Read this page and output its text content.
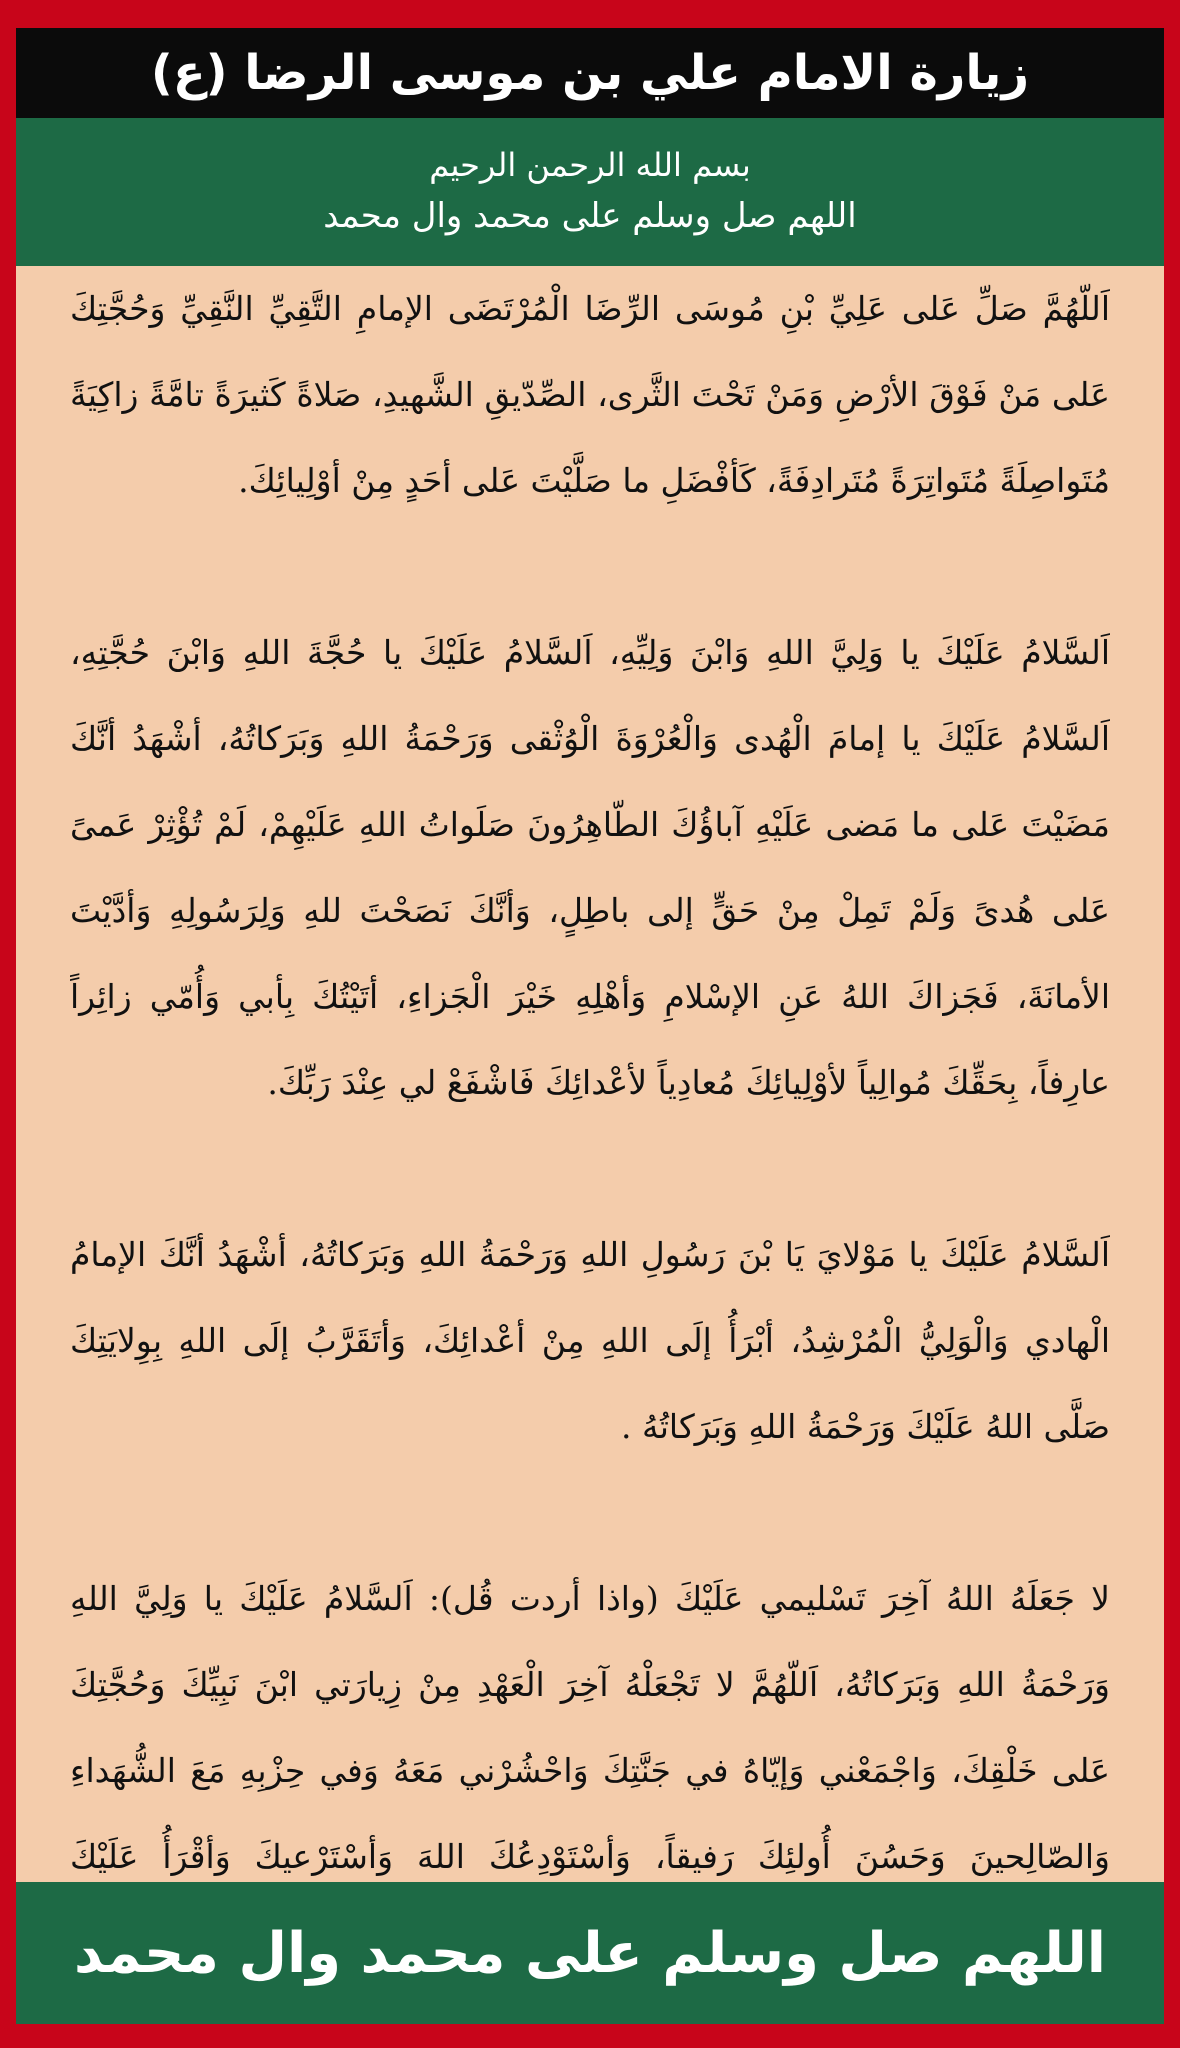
زيارة الامام علي بن موسى الرضا (ع)
بسم الله الرحمن الرحيم
اللهم صل وسلم على محمد وال محمد

اَللّهُمَّ صَلِّ عَلى عَلِيِّ بْنِ مُوسَى الرِّضَا الْمُرْتَضَى الإمامِ التَّقِيِّ النَّقِيِّ وَحُجَّتِكَ عَلى مَنْ فَوْقَ الأرْضِ وَمَنْ تَحْتَ الثَّرى، الصِّدّيقِ الشَّهيدِ، صَلاةً كَثيرَةً تامَّةً زاكِيَةً مُتَواصِلَةً مُتَواتِرَةً مُتَرادِفَةً، كَأفْضَلِ ما صَلَّيْتَ عَلى أحَدٍ مِنْ أوْلِيائِكَ.

اَلسَّلامُ عَلَيْكَ يا وَلِيَّ اللهِ وَابْنَ وَلِيِّهِ، اَلسَّلامُ عَلَيْكَ يا حُجَّةَ اللهِ وَابْنَ حُجَّتِهِ، اَلسَّلامُ عَلَيْكَ يا إمامَ الْهُدى وَالْعُرْوَةَ الْوُثْقى وَرَحْمَةُ اللهِ وَبَرَكاتُهُ، أشْهَدُ أنَّكَ مَضَيْتَ عَلى ما مَضى عَلَيْهِ آباؤُكَ الطّاهِرُونَ صَلَواتُ اللهِ عَلَيْهِمْ، لَمْ تُؤْثِرْ عَمىً عَلى هُدىً وَلَمْ تَمِلْ مِنْ حَقٍّ إلى باطِلٍ، وَأنَّكَ نَصَحْتَ للهِ وَلِرَسُولِهِ وَأدَّيْتَ الأمانَةَ، فَجَزاكَ اللهُ عَنِ الإسْلامِ وَأهْلِهِ خَيْرَ الْجَزاءِ، أتَيْتُكَ بِأبي وَأُمّي زائِراً عارِفاً، بِحَقِّكَ مُوالِياً لأوْلِيائِكَ مُعادِياً لأعْدائِكَ فَاشْفَعْ لي عِنْدَ رَبِّكَ.

اَلسَّلامُ عَلَيْكَ يا مَوْلايَ يَا بْنَ رَسُولِ اللهِ وَرَحْمَةُ اللهِ وَبَرَكاتُهُ، أشْهَدُ أنَّكَ الإمامُ الْهادي وَالْوَلِيُّ الْمُرْشِدُ، أبْرَأُ إلَى اللهِ مِنْ أعْدائِكَ، وَأتَقَرَّبُ إلَى اللهِ بِوِلايَتِكَ صَلَّى اللهُ عَلَيْكَ وَرَحْمَةُ اللهِ وَبَرَكاتُهُ .

لا جَعَلَهُ اللهُ آخِرَ تَسْليمي عَلَيْكَ (واذا أردت قُل): اَلسَّلامُ عَلَيْكَ يا وَلِيَّ اللهِ وَرَحْمَةُ اللهِ وَبَرَكاتُهُ، اَللّهُمَّ لا تَجْعَلْهُ آخِرَ الْعَهْدِ مِنْ زِيارَتي ابْنَ نَبِيِّكَ وَحُجَّتِكَ عَلى خَلْقِكَ، وَاجْمَعْني وَإيّاهُ في جَنَّتِكَ وَاحْشُرْني مَعَهُ وَفي حِزْبِهِ مَعَ الشُّهَداءِ وَالصّالِحينَ وَحَسُنَ أُولئِكَ رَفيقاً، وَأسْتَوْدِعُكَ اللهَ وَأسْتَرْعيكَ وَأقْرَأُ عَلَيْكَ

اللهم صل وسلم على محمد وال محمد
